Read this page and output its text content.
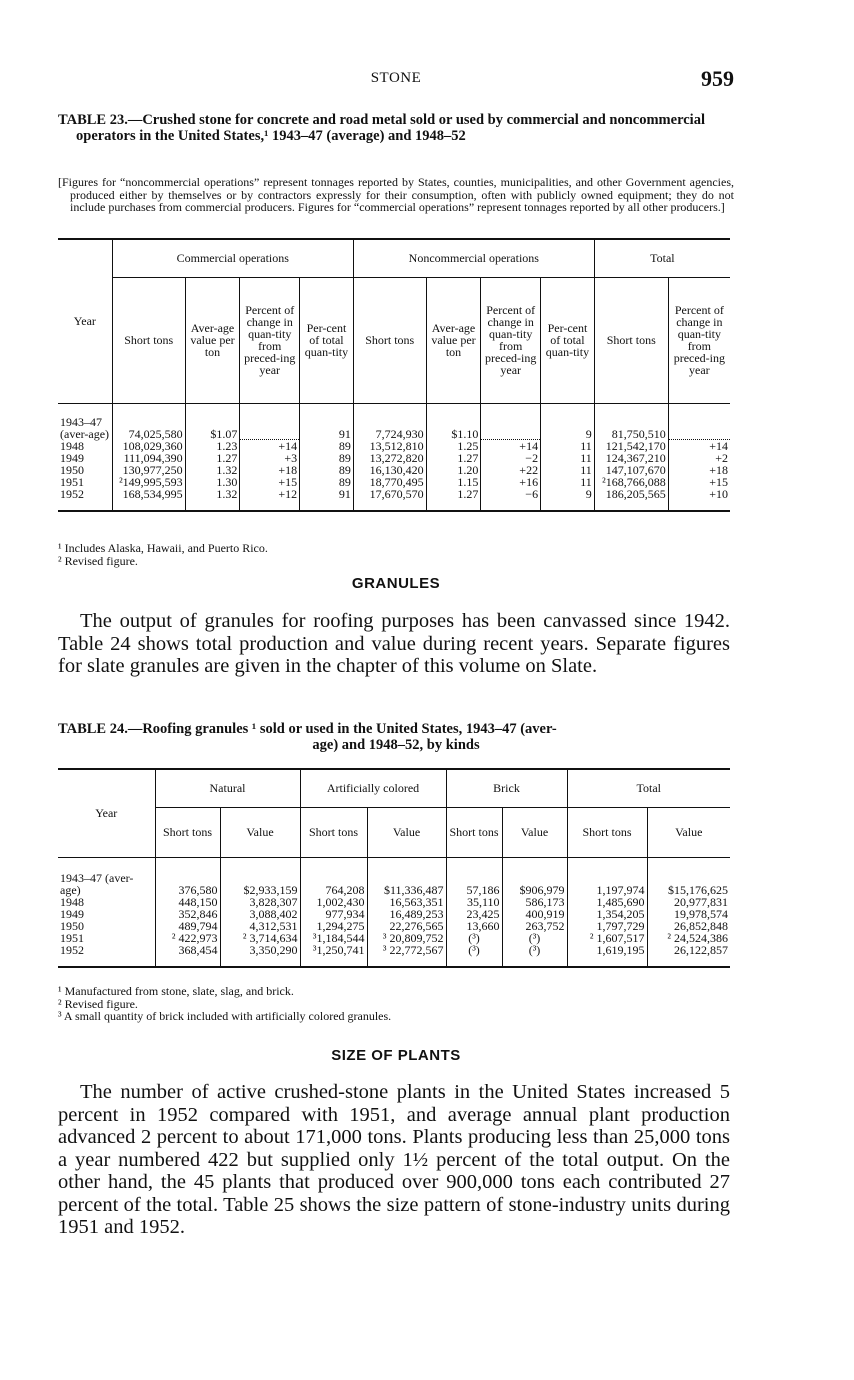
STONE	959
TABLE 23.—Crushed stone for concrete and road metal sold or used by commercial and noncommercial operators in the United States,¹ 1943–47 (average) and 1948–52
[Figures for “noncommercial operations” represent tonnages reported by States, counties, municipalities, and other Government agencies, produced either by themselves or by contractors expressly for their consumption, often with publicly owned equipment; they do not include purchases from commercial producers. Figures for “commercial operations” represent tonnages reported by all other producers.]
Year	Commercial operations				Noncommercial operations				Total	
	Short tons	Aver-age value per ton	Percent of change in quan-tity from preced-ing year	Per-cent of total quan-tity	Short tons	Aver-age value per ton	Percent of change in quan-tity from preced-ing year	Per-cent of total quan-tity	Short tons	Percent of change in quan-tity from preced-ing year
1943–47 (aver-age)	74,025,580	$1.07		91	7,724,930	$1.10		9	81,750,510	
1948	108,029,360	1.23	+14	89	13,512,810	1.25	+14	11	121,542,170	+14
1949	111,094,390	1.27	+3	89	13,272,820	1.27	−2	11	124,367,210	+2
1950	130,977,250	1.32	+18	89	16,130,420	1.20	+22	11	147,107,670	+18
1951	²149,995,593	1.30	+15	89	18,770,495	1.15	+16	11	²168,766,088	+15
1952	168,534,995	1.32	+12	91	17,670,570	1.27	−6	9	186,205,565	+10

¹ Includes Alaska, Hawaii, and Puerto Rico.
² Revised figure.
GRANULES
The output of granules for roofing purposes has been canvassed since 1942. Table 24 shows total production and value during recent years. Separate figures for slate granules are given in the chapter of this volume on Slate.
TABLE 24.—Roofing granules ¹ sold or used in the United States, 1943–47 (aver-
age) and 1948–52, by kinds
Year	Natural		Artificially colored		Brick		Total	
	Short tons	Value	Short tons	Value	Short tons	Value	Short tons	Value
1943–47 (aver-age)	376,580	$2,933,159	764,208	$11,336,487	57,186	$906,979	1,197,974	$15,176,625
1948	448,150	3,828,307	1,002,430	16,563,351	35,110	586,173	1,485,690	20,977,831
1949	352,846	3,088,402	977,934	16,489,253	23,425	400,919	1,354,205	19,978,574
1950	489,794	4,312,531	1,294,275	22,276,565	13,660	263,752	1,797,729	26,852,848
1951	² 422,973	² 3,714,634	³1,184,544	³ 20,809,752	(³)	(³)	² 1,607,517	² 24,524,386
1952	368,454	3,350,290	³1,250,741	³ 22,772,567	(³)	(³)	1,619,195	26,122,857

¹ Manufactured from stone, slate, slag, and brick.
² Revised figure.
³ A small quantity of brick included with artificially colored granules.
SIZE OF PLANTS
The number of active crushed-stone plants in the United States increased 5 percent in 1952 compared with 1951, and average annual plant production advanced 2 percent to about 171,000 tons. Plants producing less than 25,000 tons a year numbered 422 but supplied only 1½ percent of the total output. On the other hand, the 45 plants that produced over 900,000 tons each contributed 27 percent of the total. Table 25 shows the size pattern of stone-industry units during 1951 and 1952.
